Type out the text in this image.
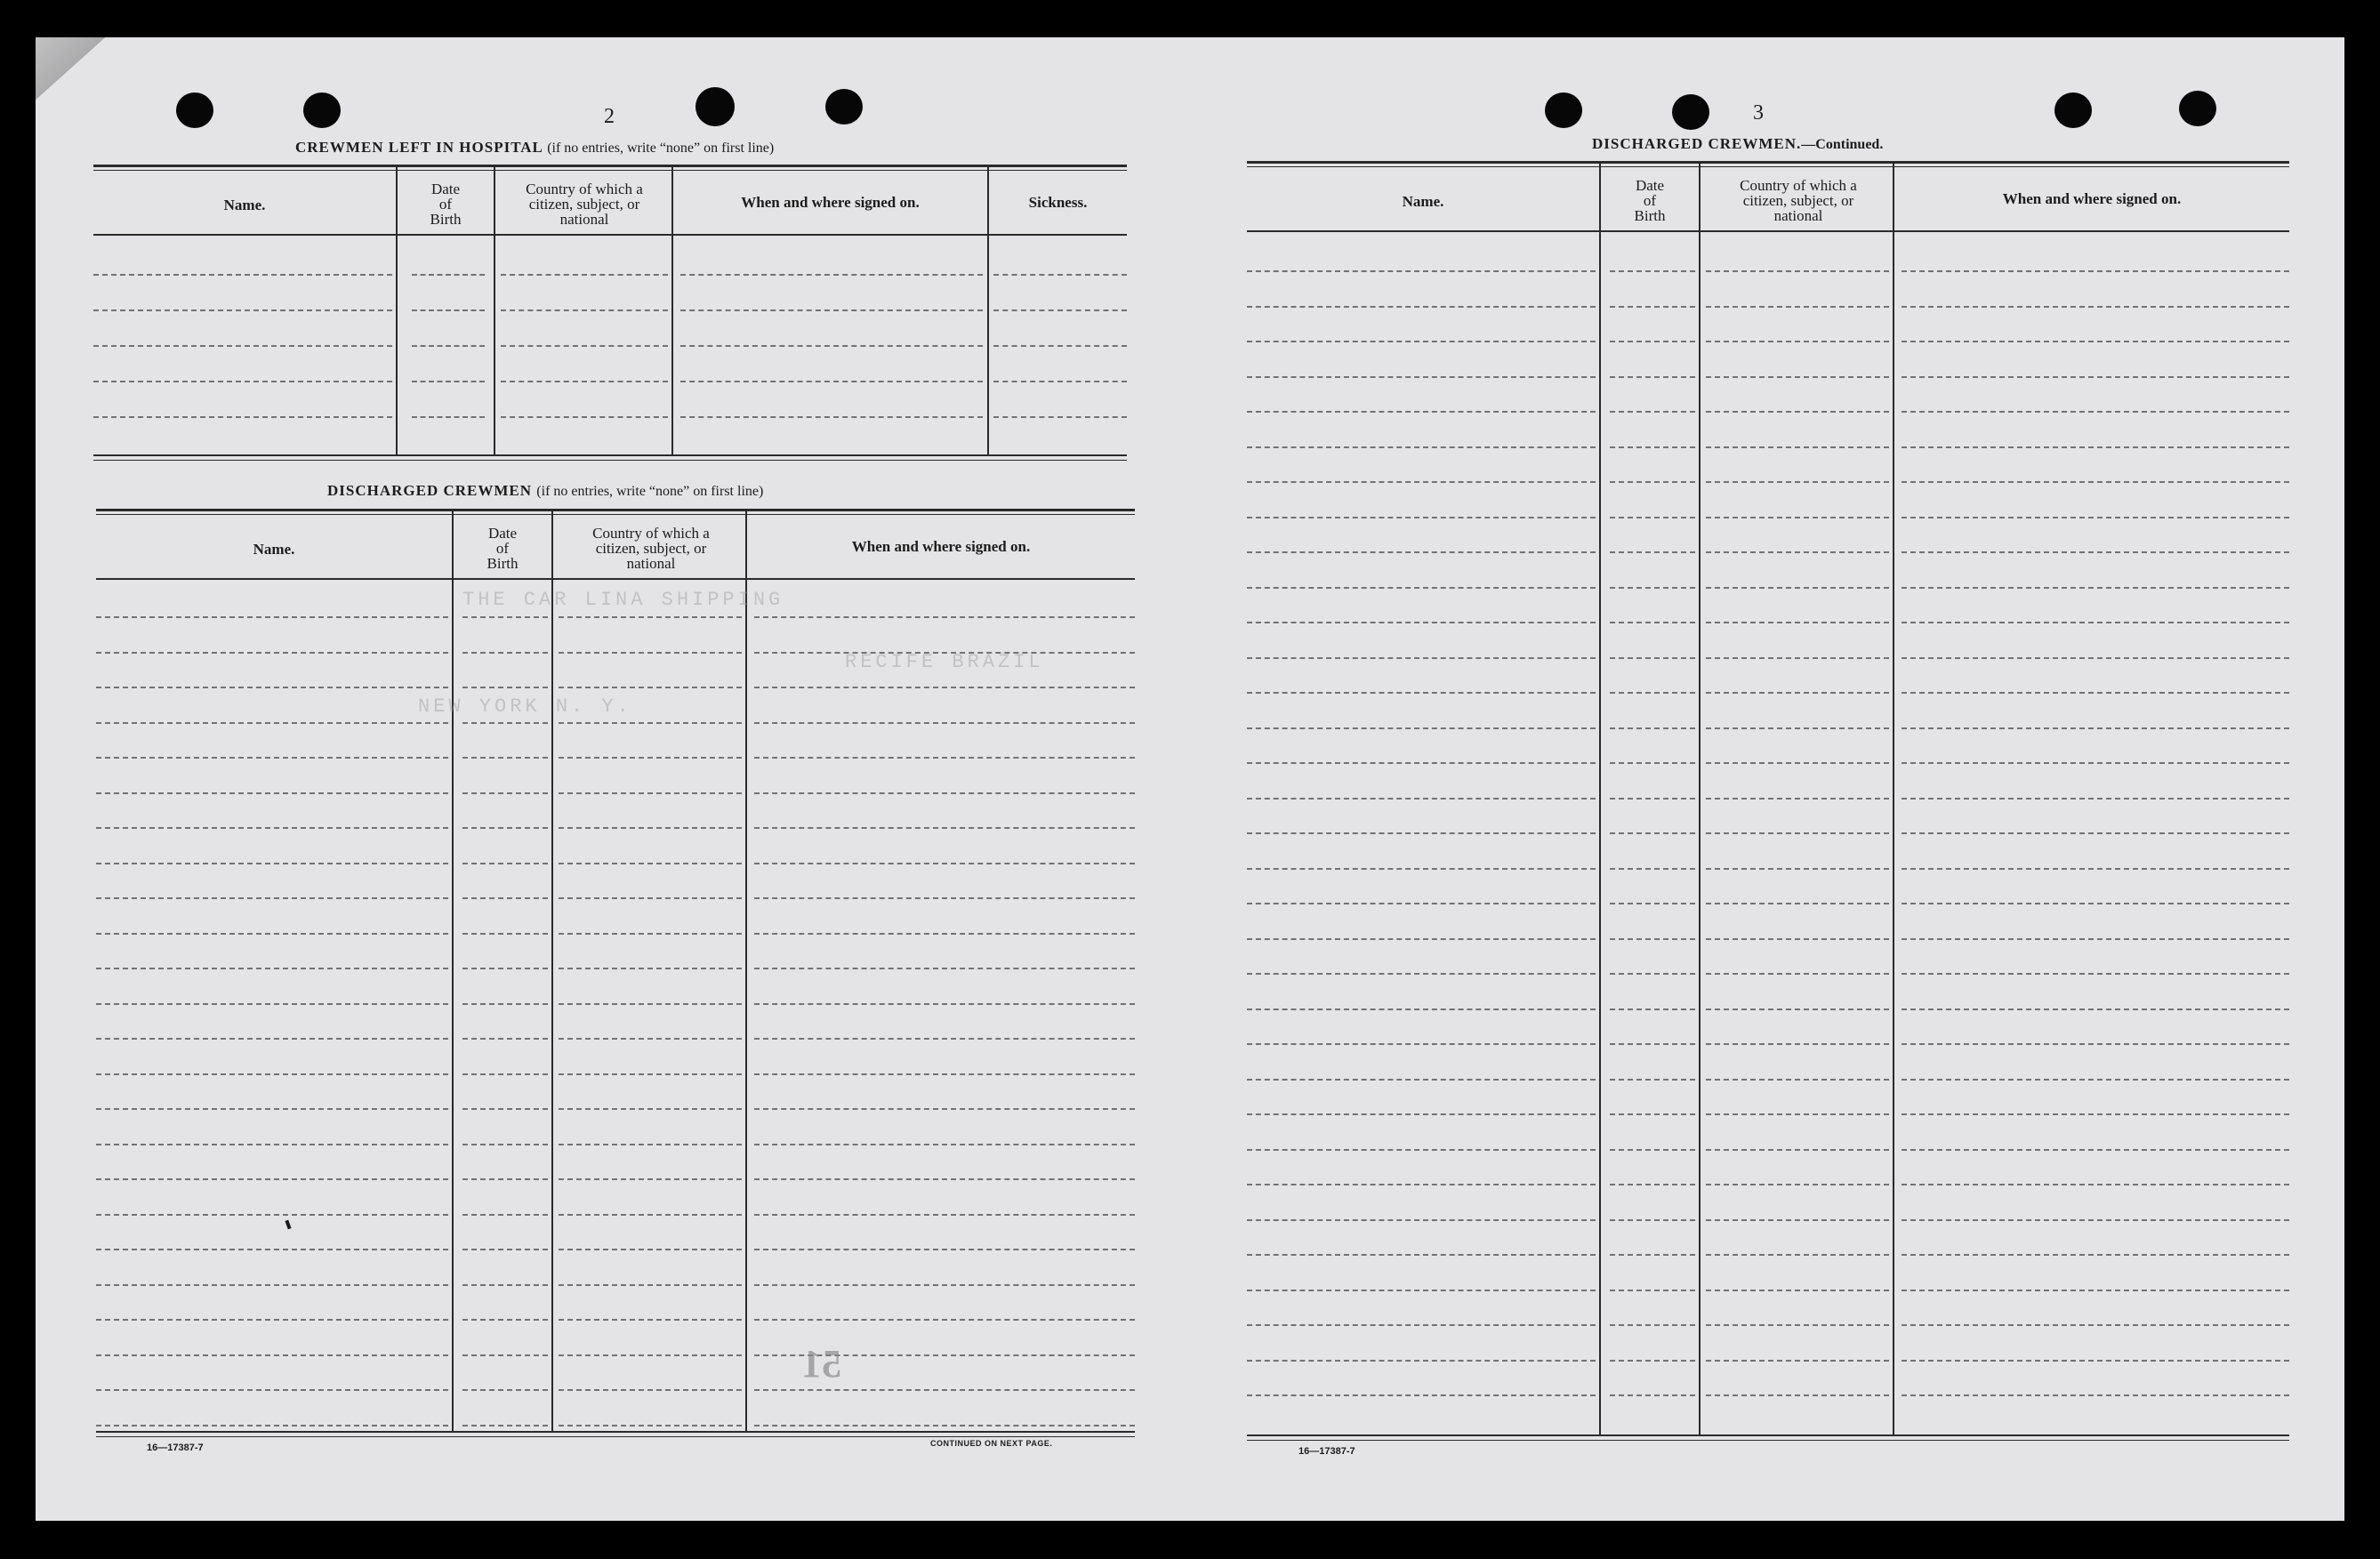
2
CREWMEN LEFT IN HOSPITAL (if no entries, write “none” on first line)
Name.
Date
of
Birth
Country of which a
citizen, subject, or
national
When and where signed on.	Sickness.
DISCHARGED CREWMEN (if no entries, write “none” on first line)
Name.
Date
of
Birth
Country of which a
citizen, subject, or
national
When and where signed on.
16—17387-7	CONTINUED ON NEXT PAGE.
THE CAR LINA SHIPPING
RECIFE BRAZIL
NEW YORK N. Y.
51
3
DISCHARGED CREWMEN.—Continued.
Name.
Date
of
Birth
Country of which a
citizen, subject, or
national
When and where signed on.
16—17387-7
